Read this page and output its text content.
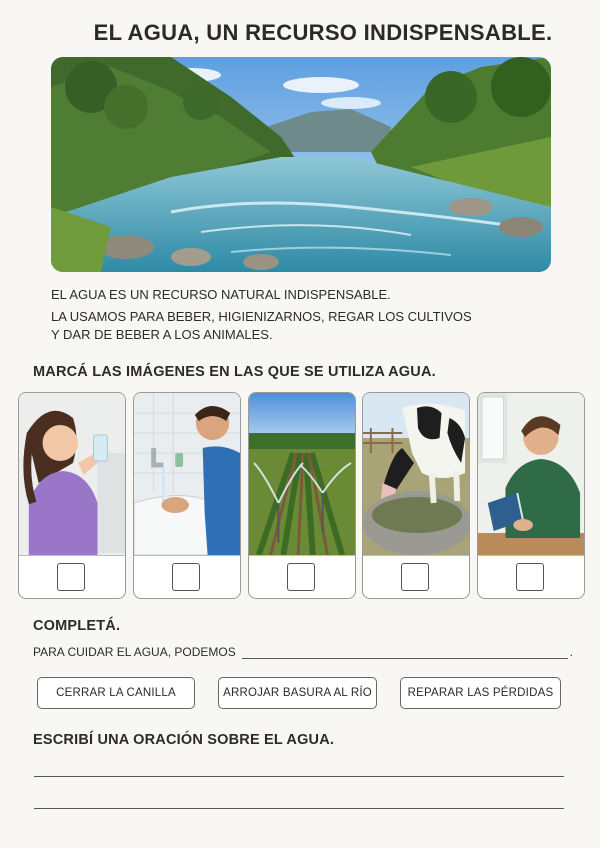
EL AGUA, UN RECURSO INDISPENSABLE.

EL AGUA ES UN RECURSO NATURAL INDISPENSABLE.

LA USAMOS PARA BEBER, HIGIENIZARNOS, REGAR LOS CULTIVOS

Y DAR DE BEBER A LOS ANIMALES.

MARCÁ LAS IMÁGENES EN LAS QUE SE UTILIZA AGUA.
COMPLETÁ.
PARA CUIDAR EL AGUA, PODEMOS	.
CERRAR LA CANILLA	ARROJAR BASURA AL RÍO	REPARAR LAS PÉRDIDAS
ESCRIBÍ UNA ORACIÓN SOBRE EL AGUA.
